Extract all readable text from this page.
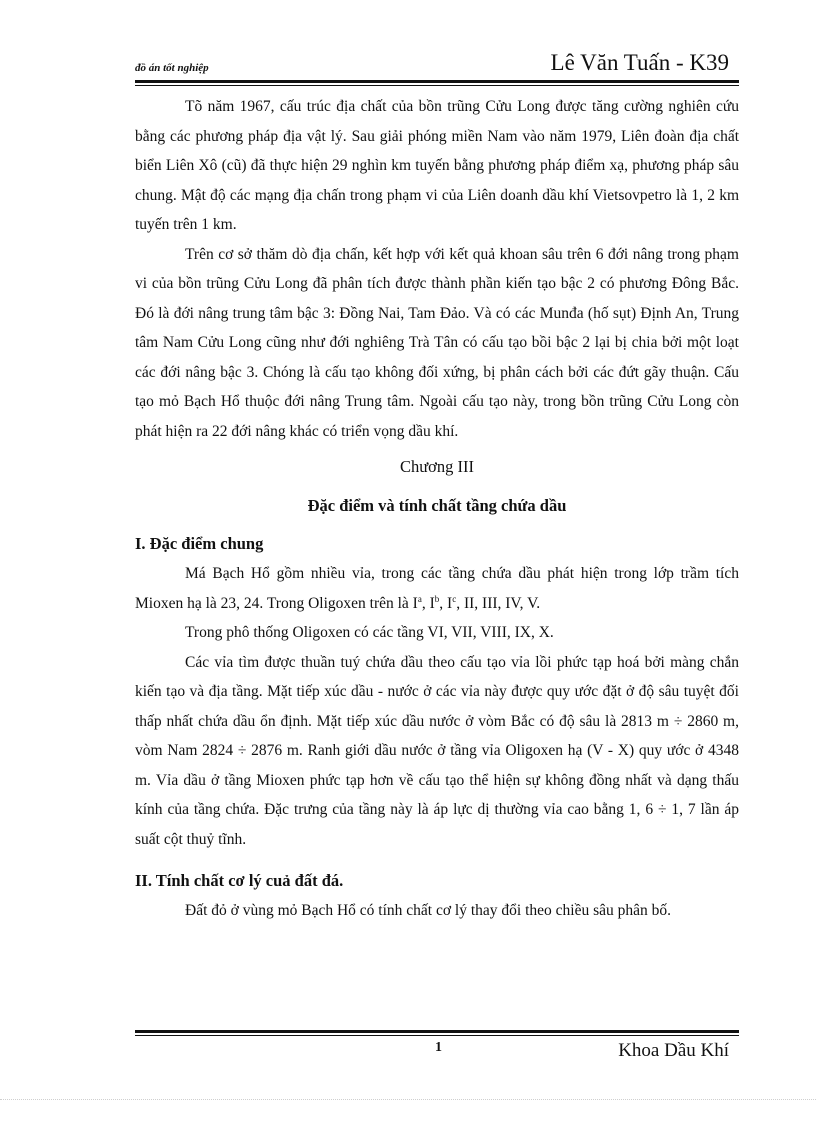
đồ án tốt nghiệp	Lê Văn Tuấn - K39

Tõ năm 1967, cấu trúc địa chất của bồn trũng Cửu Long được tăng cường nghiên cứu bằng các phương pháp địa vật lý. Sau giải phóng miền Nam vào năm 1979, Liên đoàn địa chất biển Liên Xô (cũ) đã thực hiện 29 nghìn km tuyến bằng phương pháp điểm xạ, phương pháp sâu chung. Mật độ các mạng địa chấn trong phạm vi của Liên doanh dầu khí Vietsovpetro là 1, 2 km tuyến trên 1 km.

Trên cơ sở thăm dò địa chấn, kết hợp với kết quả khoan sâu trên 6 đới nâng trong phạm vi của bồn trũng Cửu Long đã phân tích được thành phần kiến tạo bậc 2 có phương Đông Bắc. Đó là đới nâng trung tâm bậc 3: Đồng Nai, Tam Đảo. Và có các Munđa (hố sụt) Định An, Trung tâm Nam Cửu Long cũng như đới nghiêng Trà Tân có cấu tạo bồi bậc 2 lại bị chia bởi một loạt các đới nâng bậc 3. Chóng là cấu tạo không đối xứng, bị phân cách bởi các đứt gãy thuận. Cấu tạo mỏ Bạch Hổ thuộc đới nâng Trung tâm. Ngoài cấu tạo này, trong bồn trũng Cửu Long còn phát hiện ra 22 đới nâng khác có triển vọng dầu khí.

Chương III

Đặc điểm và tính chất tầng chứa dầu

I. Đặc điểm chung

Má Bạch Hổ gồm nhiều vỉa, trong các tầng chứa dầu phát hiện trong lớp trầm tích Mioxen hạ là 23, 24. Trong Oligoxen trên là $I^a$, $I^b$, $I^c$, II, III, IV, V.

Trong phô thống Oligoxen có các tầng VI, VII, VIII, IX, X.

Các vỉa tìm được thuần tuý chứa dầu theo cấu tạo vỉa lồi phức tạp hoá bởi màng chắn kiến tạo và địa tầng. Mặt tiếp xúc dầu - nước ở các vỉa này được quy ước đặt ở độ sâu tuyệt đối thấp nhất chứa dầu ổn định. Mặt tiếp xúc dầu nước ở vòm Bắc có độ sâu là 2813 m ÷ 2860 m, vòm Nam 2824 ÷ 2876 m. Ranh giới dầu nước ở tầng vỉa Oligoxen hạ (V - X) quy ước ở 4348 m. Vỉa dầu ở tầng Mioxen phức tạp hơn về cấu tạo thể hiện sự không đồng nhất và dạng thấu kính của tầng chứa. Đặc trưng của tầng này là áp lực dị thường vỉa cao bằng 1, 6 ÷ 1, 7 lần áp suất cột thuỷ tĩnh.

II. Tính chất cơ lý cuả đất đá.

Đất đỏ ở vùng mỏ Bạch Hổ có tính chất cơ lý thay đổi theo chiều sâu phân bố.

1	Khoa Dầu Khí
